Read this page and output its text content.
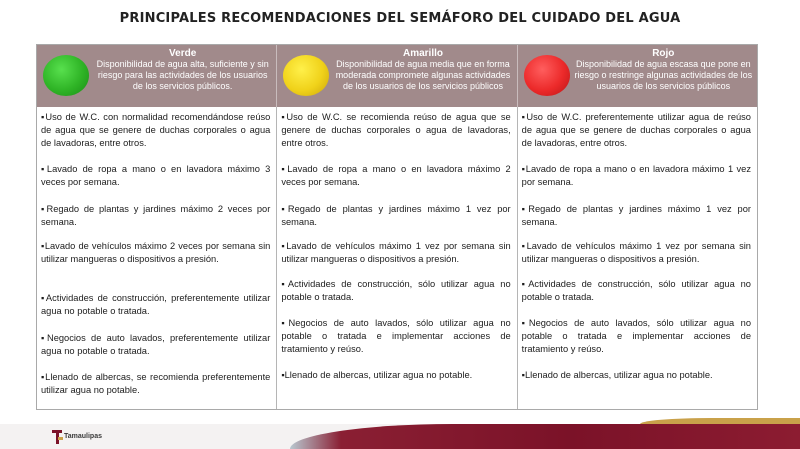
PRINCIPALES RECOMENDACIONES DEL SEMÁFORO DEL CUIDADO DEL AGUA
Verde
Disponibilidad de agua alta, suficiente y sin riesgo para las actividades de los usuarios de los servicios públicos.
Amarillo
Disponibilidad de agua media que en forma moderada compromete algunas actividades de los usuarios de los servicios públicos
Rojo
Disponibilidad de agua escasa que pone en riesgo o restringe algunas actividades de los usuarios de los servicios públicos
▪Uso de W.C. con normalidad recomendándose reúso de agua que se genere de duchas corporales o agua de lavadoras, entre otros.
▪Lavado de ropa a mano o en lavadora máximo 3 veces por semana.
▪Regado de plantas y jardines máximo 2 veces por semana.
▪Lavado de vehículos máximo 2 veces por semana sin utilizar mangueras o dispositivos a presión.
▪Actividades de construcción, preferentemente utilizar agua no potable o tratada.
▪Negocios de auto lavados, preferentemente utilizar agua no potable o tratada.
▪Llenado de albercas, se recomienda preferentemente utilizar agua no potable.
▪Uso de W.C. se recomienda reúso de agua que se genere de duchas corporales o agua de lavadoras, entre otros.
▪Lavado de ropa a mano o en lavadora máximo 2 veces por semana.
▪Regado de plantas y jardines máximo 1 vez por semana.
▪Lavado de vehículos máximo 1 vez por semana sin utilizar mangueras o dispositivos a presión.
▪Actividades de construcción, sólo utilizar agua no potable o tratada.
▪Negocios de auto lavados, sólo utilizar agua no potable o tratada e implementar acciones de tratamiento y reúso.
▪Llenado de albercas, utilizar agua no potable.
▪Uso de W.C. preferentemente utilizar agua de reúso de agua que se genere de duchas corporales o agua de lavadoras, entre otros.
▪Lavado de ropa a mano o en lavadora máximo 1 vez por semana.
▪Regado de plantas y jardines máximo 1 vez por semana.
▪Lavado de vehículos máximo 1 vez por semana sin utilizar mangueras o dispositivos a presión.
▪Actividades de construcción, sólo utilizar agua no potable o tratada.
▪Negocios de auto lavados, sólo utilizar agua no potable o tratada e implementar acciones de tratamiento y reúso.
▪Llenado de albercas, utilizar agua no potable.
Tamaulipas
